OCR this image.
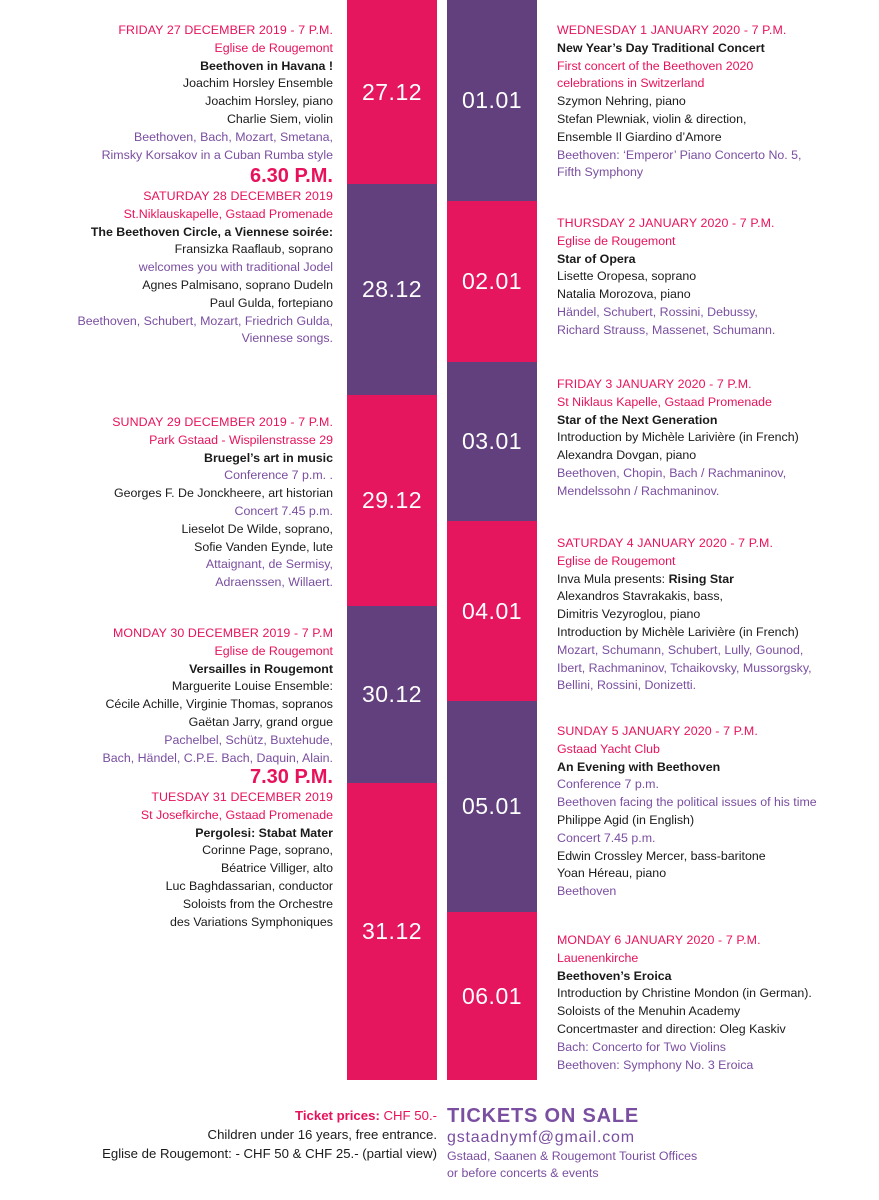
27.12
28.12
29.12
30.12
31.12
01.01
02.01
03.01
04.01
05.01
06.01
FRIDAY 27 DECEMBER 2019 - 7 P.M.
Eglise de Rougemont
Beethoven in Havana !
Joachim Horsley Ensemble
Joachim Horsley, piano
Charlie Siem, violin
Beethoven, Bach, Mozart, Smetana,
Rimsky Korsakov in a Cuban Rumba style
6.30 P.M.
SATURDAY 28 DECEMBER 2019
St.Niklauskapelle, Gstaad Promenade
The Beethoven Circle, a Viennese soirée:
Fransizka Raaflaub, soprano
welcomes you with traditional Jodel
Agnes Palmisano, soprano Dudeln
Paul Gulda, fortepiano
Beethoven, Schubert, Mozart, Friedrich Gulda,
Viennese songs.
SUNDAY 29 DECEMBER 2019 - 7 P.M.
Park Gstaad - Wispilenstrasse 29
Bruegel’s art in music
Conference 7 p.m. .
Georges F. De Jonckheere, art historian
Concert 7.45 p.m.
Lieselot De Wilde, soprano,
Sofie Vanden Eynde, lute
Attaignant, de Sermisy,
Adraenssen, Willaert.
MONDAY 30 DECEMBER 2019 - 7 P.M
Eglise de Rougemont
Versailles in Rougemont
Marguerite Louise Ensemble:
Cécile Achille, Virginie Thomas, sopranos
Gaëtan Jarry, grand orgue
Pachelbel, Schütz, Buxtehude,
Bach, Händel, C.P.E. Bach, Daquin, Alain.
7.30 P.M.
TUESDAY 31 DECEMBER 2019
St Josefkirche, Gstaad Promenade
Pergolesi: Stabat Mater
Corinne Page, soprano,
Béatrice Villiger, alto
Luc Baghdassarian, conductor
Soloists from the Orchestre
des Variations Symphoniques
WEDNESDAY 1 JANUARY 2020 - 7 P.M.
New Year’s Day Traditional Concert
First concert of the Beethoven 2020
celebrations in Switzerland
Szymon Nehring, piano
Stefan Plewniak, violin & direction,
Ensemble Il Giardino d’Amore
Beethoven: ‘Emperor’ Piano Concerto No. 5,
Fifth Symphony
THURSDAY 2 JANUARY 2020 - 7 P.M.
Eglise de Rougemont
Star of Opera
Lisette Oropesa, soprano
Natalia Morozova, piano
Händel, Schubert, Rossini, Debussy,
Richard Strauss, Massenet, Schumann.
FRIDAY 3 JANUARY 2020 - 7 P.M.
St Niklaus Kapelle, Gstaad Promenade
Star of the Next Generation
Introduction by Michèle Larivière (in French)
Alexandra Dovgan, piano
Beethoven, Chopin, Bach / Rachmaninov,
Mendelssohn / Rachmaninov.
SATURDAY 4 JANUARY 2020 - 7 P.M.
Eglise de Rougemont
Inva Mula presents: Rising Star
Alexandros Stavrakakis, bass,
Dimitris Vezyroglou, piano
Introduction by Michèle Larivière (in French)
Mozart, Schumann, Schubert, Lully, Gounod,
Ibert, Rachmaninov, Tchaikovsky, Mussorgsky,
Bellini, Rossini, Donizetti.
SUNDAY 5 JANUARY 2020 - 7 P.M.
Gstaad Yacht Club
An Evening with Beethoven
Conference 7 p.m.
Beethoven facing the political issues of his time
Philippe Agid (in English)
Concert 7.45 p.m.
Edwin Crossley Mercer, bass-baritone
Yoan Héreau, piano
Beethoven
MONDAY 6 JANUARY 2020 - 7 P.M.
Lauenenkirche
Beethoven’s Eroica
Introduction by Christine Mondon (in German).
Soloists of the Menuhin Academy
Concertmaster and direction: Oleg Kaskiv
Bach: Concerto for Two Violins
Beethoven: Symphony No. 3 Eroica
Ticket prices: CHF 50.-
Children under 16 years, free entrance.
Eglise de Rougemont: - CHF 50 & CHF 25.- (partial view)
TICKETS ON SALE
gstaadnymf@gmail.com
Gstaad, Saanen & Rougemont Tourist Offices
or before concerts & events
